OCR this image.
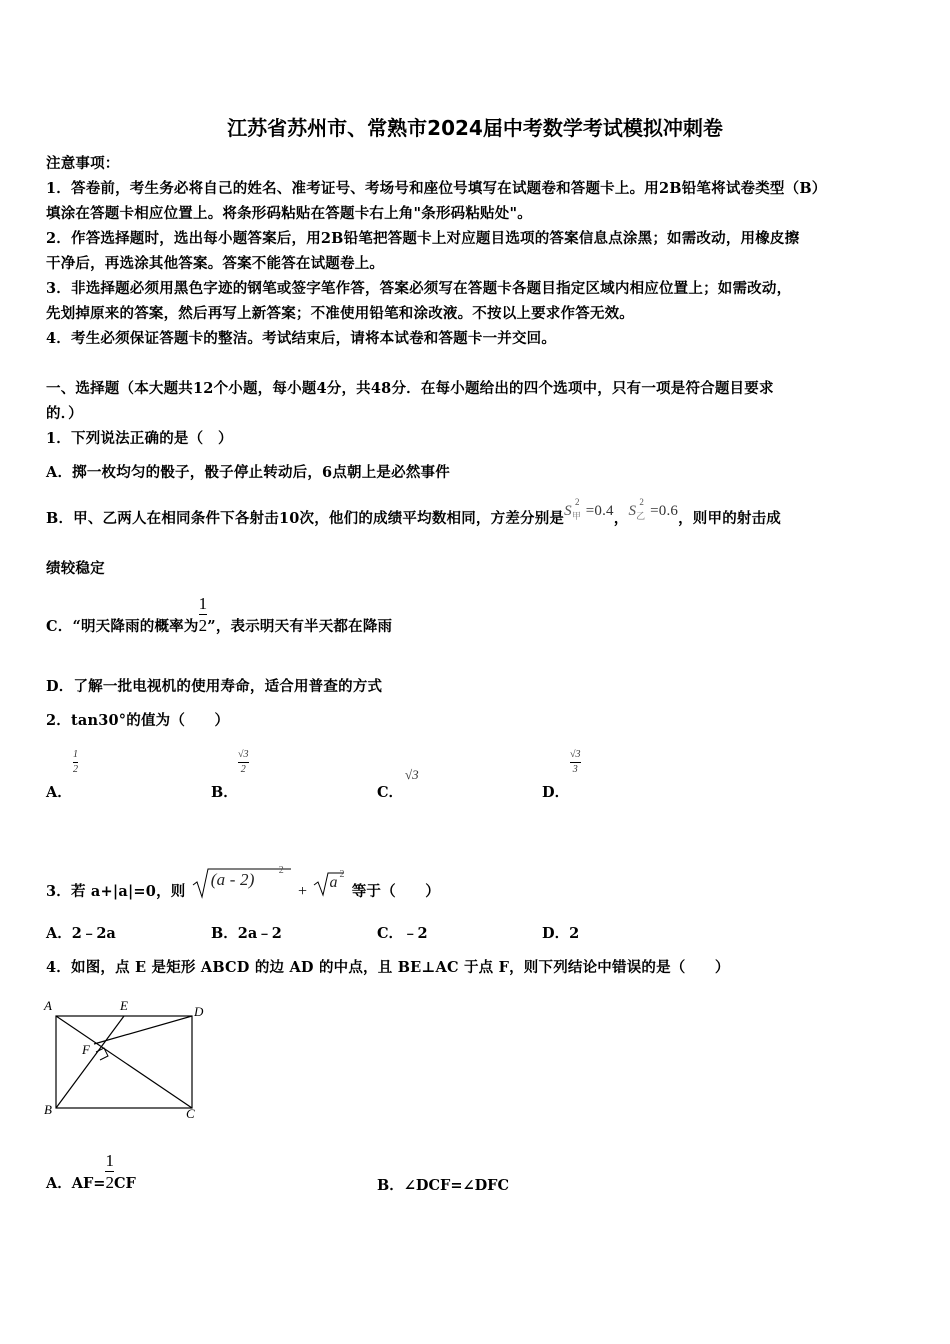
江苏省苏州市、常熟市2024届中考数学考试模拟冲刺卷
注意事项：
1．答卷前，考生务必将自己的姓名、准考证号、考场号和座位号填写在试题卷和答题卡上。用2B铅笔将试卷类型（B）
填涂在答题卡相应位置上。将条形码粘贴在答题卡右上角"条形码粘贴处"。
2．作答选择题时，选出每小题答案后，用2B铅笔把答题卡上对应题目选项的答案信息点涂黑；如需改动，用橡皮擦
干净后，再选涂其他答案。答案不能答在试题卷上。
3．非选择题必须用黑色字迹的钢笔或签字笔作答，答案必须写在答题卡各题目指定区域内相应位置上；如需改动，
先划掉原来的答案，然后再写上新答案；不准使用铅笔和涂改液。不按以上要求作答无效。
4．考生必须保证答题卡的整洁。考试结束后，请将本试卷和答题卡一并交回。
一、选择题（本大题共12个小题，每小题4分，共48分．在每小题给出的四个选项中，只有一项是符合题目要求
的．）
1．下列说法正确的是（　）
A．掷一枚均匀的骰子，骰子停止转动后，6点朝上是必然事件
B．甲、乙两人在相同条件下各射击10次，他们的成绩平均数相同，方差分别是$S_甲^2=0.4$，$S_乙^2=0.6$，则甲的射击成
绩较稳定
C．“明天降雨的概率为 $\frac{1}{2}$ ”，表示明天有半天都在降雨
D．了解一批电视机的使用寿命，适合用普查的方式
2．tan30°的值为（　　）
A．
1
2
B．
√3
2
C．
√3
D．
√3
3
3．若 a+|a|=0，则
(a - 2) 2
+
a 2
等于（　　）
A．2﹣2a	B．2a﹣2	C．﹣2	D．2
4．如图，点 E 是矩形 ABCD 的边 AD 的中点，且 BE⊥AC 于点 F，则下列结论中错误的是（　　）
A	E	D
F
B	C
A．$AF= \frac{1}{2}$ CF	B．∠DCF=∠DFC
